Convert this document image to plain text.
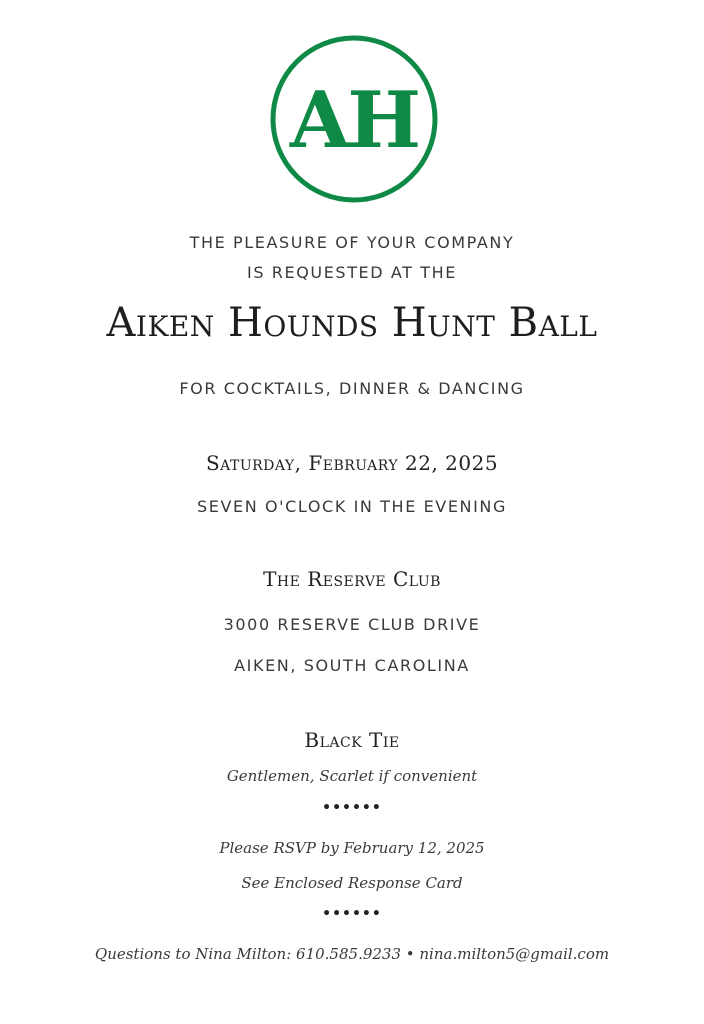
AH
THE PLEASURE OF YOUR COMPANY
IS REQUESTED AT THE
Aiken Hounds Hunt Ball
FOR COCKTAILS, DINNER & DANCING
Saturday, February 22, 2025
SEVEN O'CLOCK IN THE EVENING
The Reserve Club
3000 RESERVE CLUB DRIVE
AIKEN, SOUTH CAROLINA
Black Tie
Gentlemen, Scarlet if convenient
••••••
Please RSVP by February 12, 2025
See Enclosed Response Card
••••••
Questions to Nina Milton: 610.585.9233 • nina.milton5@gmail.com
